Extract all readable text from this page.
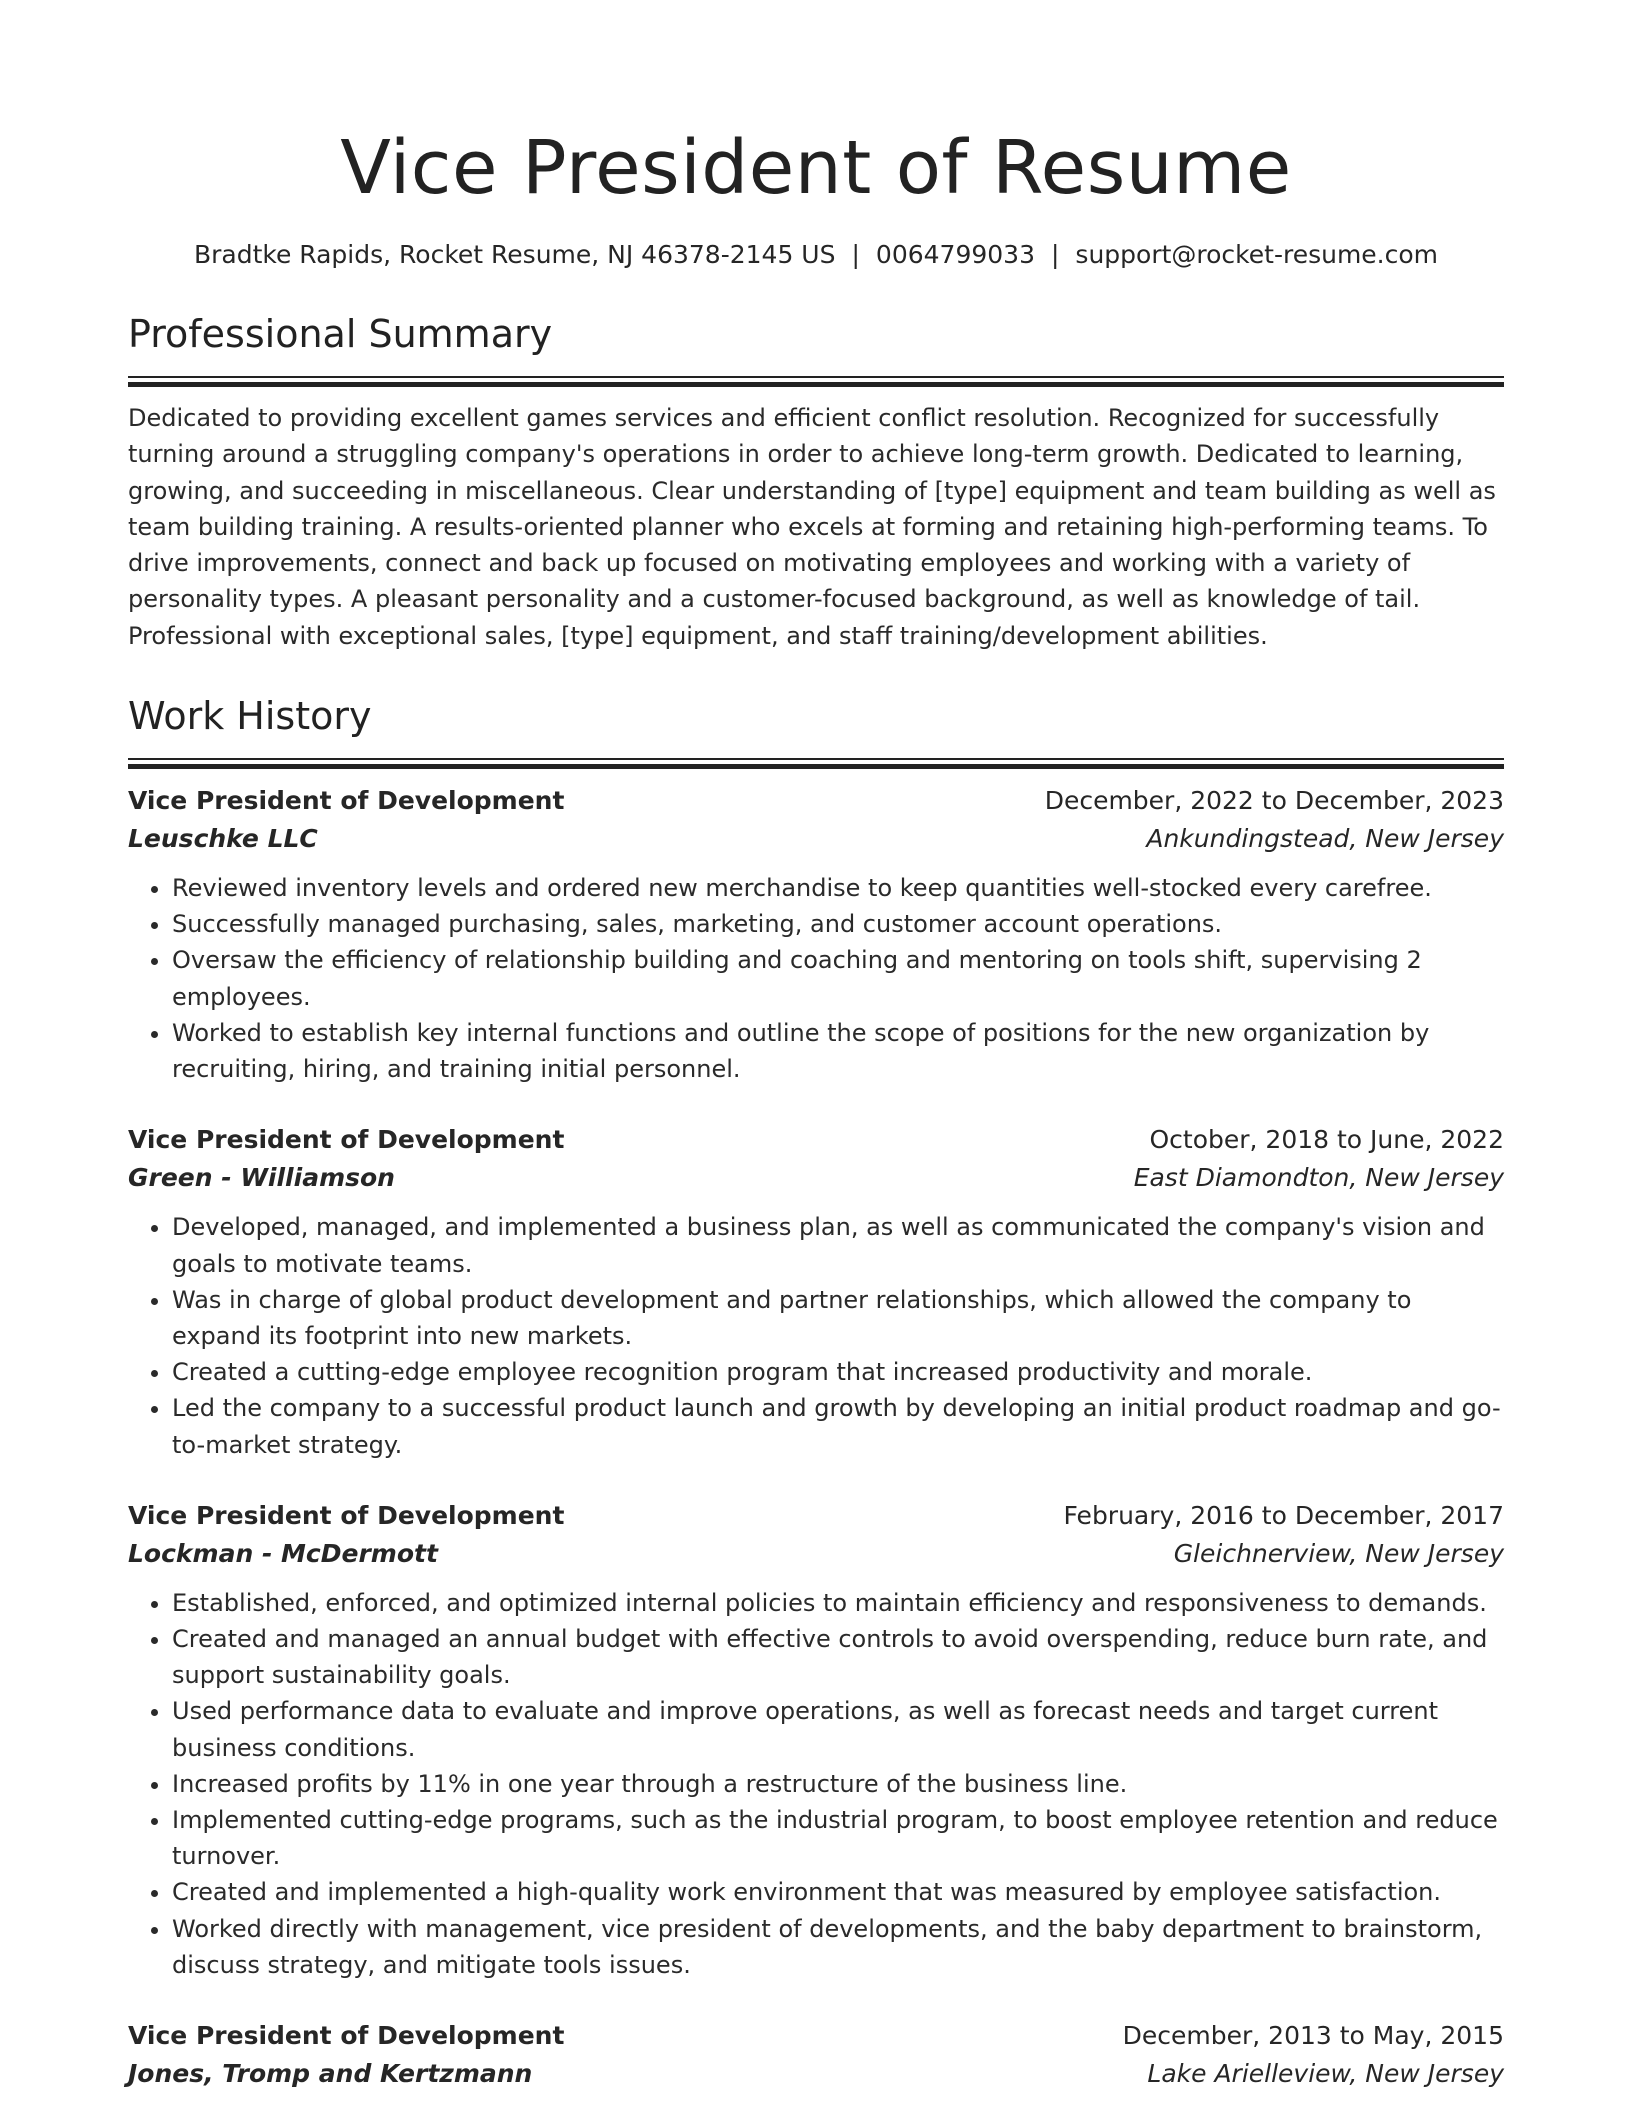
Vice President of Resume
Bradtke Rapids, Rocket Resume, NJ 46378-2145 US | 0064799033 | support@rocket-resume.com
Professional Summary

Dedicated to providing excellent games services and efficient conflict resolution. Recognized for successfully turning around a struggling company's operations in order to achieve long-term growth. Dedicated to learning, growing, and succeeding in miscellaneous. Clear understanding of [type] equipment and team building as well as team building training. A results-oriented planner who excels at forming and retaining high-performing teams. To drive improvements, connect and back up focused on motivating employees and working with a variety of personality types. A pleasant personality and a customer-focused background, as well as knowledge of tail. Professional with exceptional sales, [type] equipment, and staff training/development abilities.

Work History
Vice President of Development	December, 2022 to December, 2023
Leuschke LLC	Ankundingstead, New Jersey
• Reviewed inventory levels and ordered new merchandise to keep quantities well-stocked every carefree.
• Successfully managed purchasing, sales, marketing, and customer account operations.
• Oversaw the efficiency of relationship building and coaching and mentoring on tools shift, supervising 2 employees.
• Worked to establish key internal functions and outline the scope of positions for the new organization by recruiting, hiring, and training initial personnel.
Vice President of Development	October, 2018 to June, 2022
Green - Williamson	East Diamondton, New Jersey
• Developed, managed, and implemented a business plan, as well as communicated the company's vision and goals to motivate teams.
• Was in charge of global product development and partner relationships, which allowed the company to expand its footprint into new markets.
• Created a cutting-edge employee recognition program that increased productivity and morale.
• Led the company to a successful product launch and growth by developing an initial product roadmap and go-to-market strategy.
Vice President of Development	February, 2016 to December, 2017
Lockman - McDermott	Gleichnerview, New Jersey
• Established, enforced, and optimized internal policies to maintain efficiency and responsiveness to demands.
• Created and managed an annual budget with effective controls to avoid overspending, reduce burn rate, and support sustainability goals.
• Used performance data to evaluate and improve operations, as well as forecast needs and target current business conditions.
• Increased profits by 11% in one year through a restructure of the business line.
• Implemented cutting-edge programs, such as the industrial program, to boost employee retention and reduce turnover.
• Created and implemented a high-quality work environment that was measured by employee satisfaction.
• Worked directly with management, vice president of developments, and the baby department to brainstorm, discuss strategy, and mitigate tools issues.
Vice President of Development	December, 2013 to May, 2015
Jones, Tromp and Kertzmann	Lake Arielleview, New Jersey
